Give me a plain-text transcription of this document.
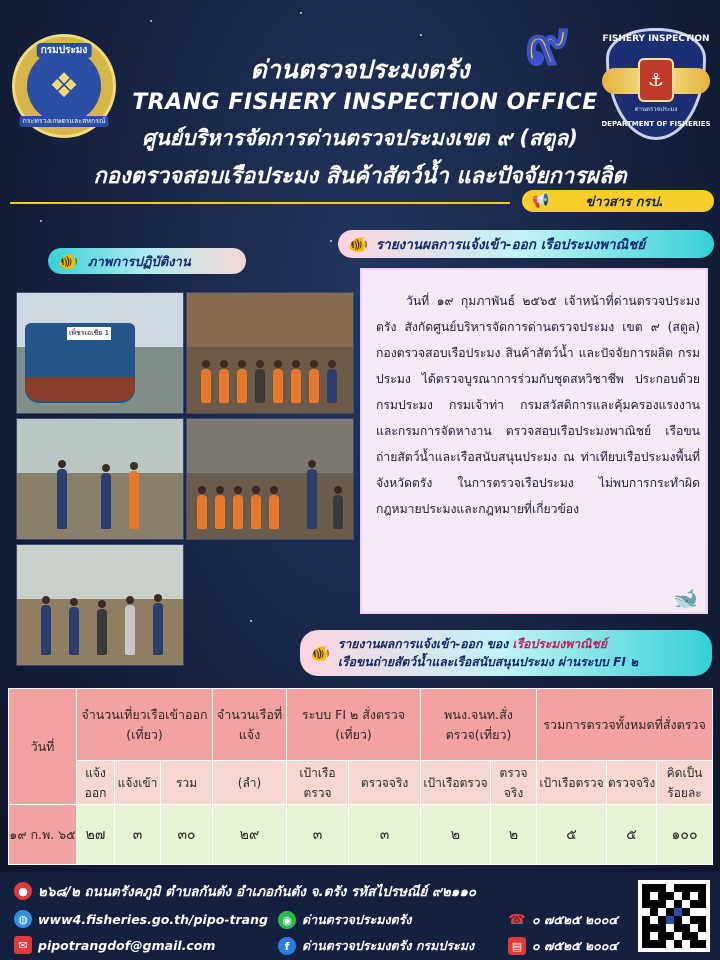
กรมประมง
❖
กระทรวงเกษตรและสหกรณ์
๙	FISHERY INSPECTION
⚓
ด่านตรวจประมง
DEPARTMENT OF FISHERIES
ด่านตรวจประมงตรัง
TRANG FISHERY INSPECTION OFFICE
ศูนย์บริหารจัดการด่านตรวจประมงเขต ๙ (สตูล)
กองตรวจสอบเรือประมง สินค้าสัตว์น้ำ และปัจจัยการผลิต
📢	ข่าวสาร กรป.
🐠 ภาพการปฏิบัติงาน
🐠 รายงานผลการแจ้งเข้า-ออก เรือประมงพาณิชย์
เพ็ชรเอเชีย 1

วันที่ ๑๙ กุมภาพันธ์ ๒๕๖๕ เจ้าหน้าที่ด่านตรวจประมงตรัง สังกัดศูนย์บริหารจัดการด่านตรวจประมง เขต ๙ (สตูล) กองตรวจสอบเรือประมง สินค้าสัตว์น้ำ และปัจจัยการผลิต กรมประมง ได้ตรวจบูรณาการร่วมกับชุดสหวิชาชีพ ประกอบด้วย กรมประมง กรมเจ้าท่า กรมสวัสดิการและคุ้มครองแรงงาน และกรมการจัดหางาน ตรวจสอบเรือประมงพาณิชย์ เรือขนถ่ายสัตว์น้ำและเรือสนับสนุนประมง ณ ท่าเทียบเรือประมงพื้นที่จังหวัดตรัง ในการตรวจเรือประมง ไม่พบการกระทำผิดกฎหมายประมงและกฎหมายที่เกี่ยวข้อง

🐋
🐠 รายงานผลการแจ้งเข้า-ออก ของ เรือประมงพาณิชย์
เรือขนถ่ายสัตว์น้ำและเรือสนับสนุนประมง ผ่านระบบ FI ๒
วันที่	จำนวนเที่ยวเรือเข้าออก (เที่ยว)			จำนวนเรือที่แจ้ง	ระบบ FI ๒ สั่งตรวจ (เที่ยว)		พนง.จนท.สั่งตรวจ(เที่ยว)		รวมการตรวจทั้งหมดที่สั่งตรวจ		
	แจ้งออก	แจ้งเข้า	รวม	(ลำ)	เป้าเรือตรวจ	ตรวจจริง	เป้าเรือตรวจ	ตรวจจริง	เป้าเรือตรวจ	ตรวจจริง	คิดเป็นร้อยละ
๑๙ ก.พ. ๖๕	๒๗	๓	๓๐	๒๙	๓	๓	๒	๒	๕	๕	๑๐๐
● ๒๖๘/๒ ถนนตรังคภูมิ ตำบลกันตัง อำเภอกันตัง จ.ตรัง รหัสไปรษณีย์ ๙๒๑๑๐
◍ www4.fisheries.go.th/pipo-trang
✉ pipotrangdof@gmail.com
◉ ด่านตรวจประมงตรัง
f	ด่านตรวจประมงตรัง กรมประมง
☎ ๐ ๗๕๒๕ ๒๐๐๔
▤ ๐ ๗๕๒๕ ๒๐๐๔
